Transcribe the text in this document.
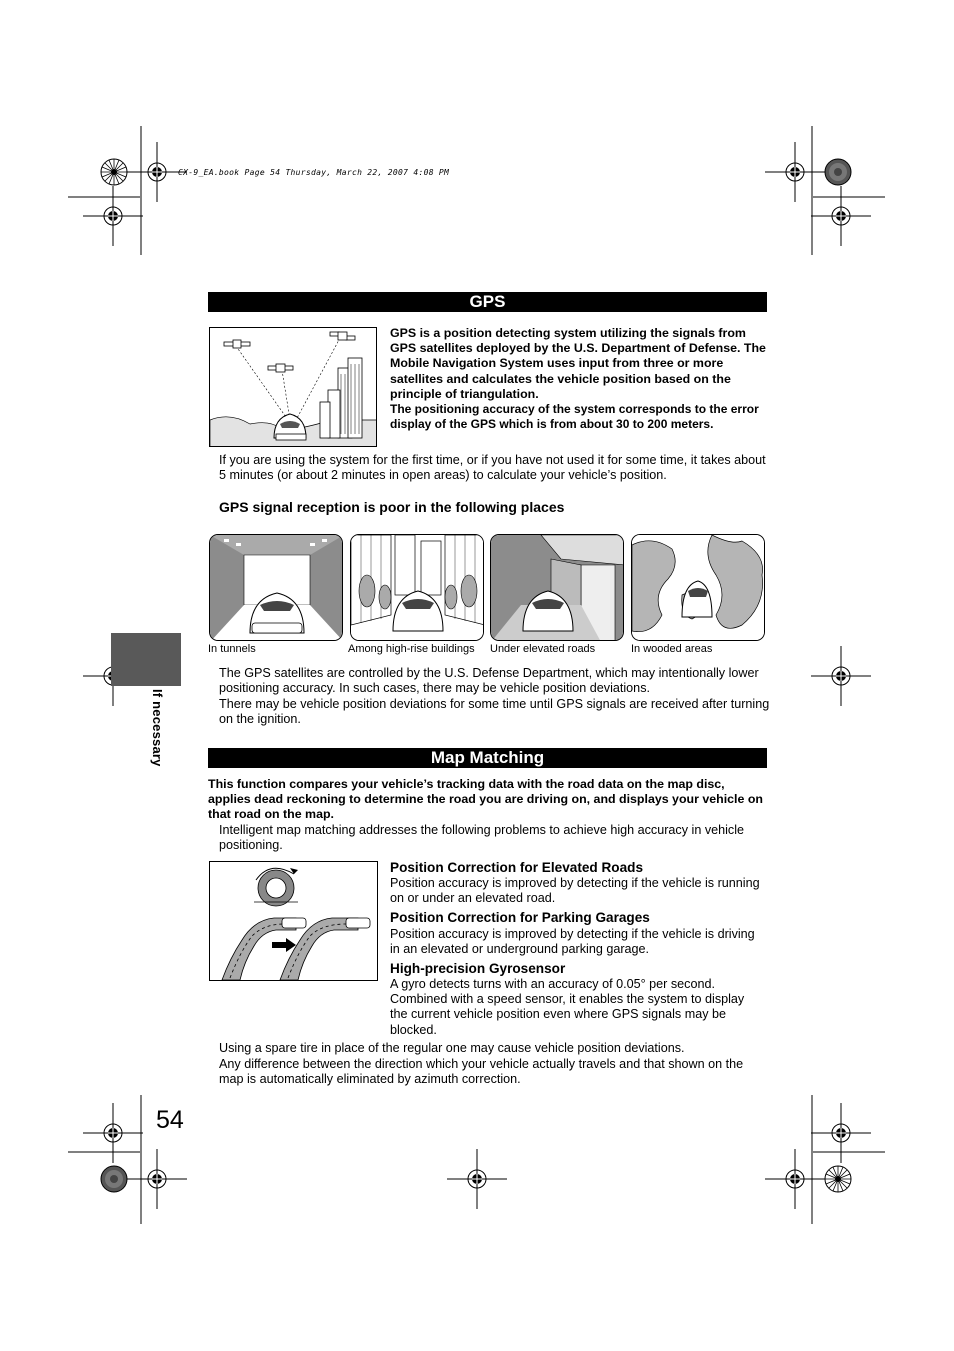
CX-9_EA.book Page 54 Thursday, March 22, 2007 4:08 PM
GPS
GPS is a position detecting system utilizing the signals from GPS satellites deployed by the U.S. Department of Defense. The Mobile Navigation System uses input from three or more satellites and calculates the vehicle position based on the principle of triangulation.
The positioning accuracy of the system corresponds to the error display of the GPS which is from about 30 to 200 meters.
If you are using the system for the first time, or if you have not used it for some time, it takes about 5 minutes (or about 2 minutes in open areas) to calculate your vehicle’s position.
GPS signal reception is poor in the following places
In tunnels	Among high-rise buildings Under elevated roads	In wooded areas
The GPS satellites are controlled by the U.S. Defense Department, which may intentionally lower positioning accuracy. In such cases, there may be vehicle position deviations.
There may be vehicle position deviations for some time until GPS signals are received after turning on the ignition.
Map Matching
This function compares your vehicle’s tracking data with the road data on the map disc, applies dead reckoning to determine the road you are driving on, and displays your vehicle on that road on the map.
Intelligent map matching addresses the following problems to achieve high accuracy in vehicle positioning.
Position Correction for Elevated Roads
Position accuracy is improved by detecting if the vehicle is running on or under an elevated road.
Position Correction for Parking Garages
Position accuracy is improved by detecting if the vehicle is driving in an elevated or underground parking garage.
High-precision Gyrosensor
A gyro detects turns with an accuracy of 0.05° per second. Combined with a speed sensor, it enables the system to display the current vehicle position even where GPS signals may be blocked.
Using a spare tire in place of the regular one may cause vehicle position deviations.
Any difference between the direction which your vehicle actually travels and that shown on the map is automatically eliminated by azimuth correction.
If necessary
54
